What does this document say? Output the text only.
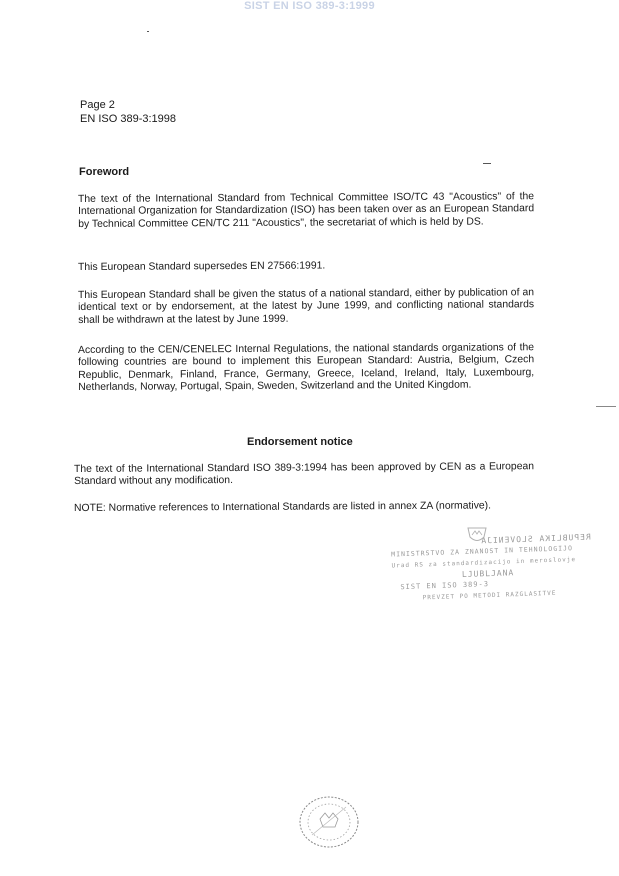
SIST EN ISO 389-3:1999
Page 2
EN ISO 389-3:1998
Foreword
The text of the International Standard from Technical Committee ISO/TC 43 "Acoustics" of the International Organization for Standardization (ISO) has been taken over as an European Standard by Technical Committee CEN/TC 211 "Acoustics", the secretariat of which is held by DS.
This European Standard supersedes EN 27566:1991.
This European Standard shall be given the status of a national standard, either by publication of an identical text or by endorsement, at the latest by June 1999, and conflicting national standards shall be withdrawn at the latest by June 1999.
According to the CEN/CENELEC Internal Regulations, the national standards organizations of the following countries are bound to implement this European Standard: Austria, Belgium, Czech Republic, Denmark, Finland, France, Germany, Greece, Iceland, Ireland, Italy, Luxembourg, Netherlands, Norway, Portugal, Spain, Sweden, Switzerland and the United Kingdom.
Endorsement notice
The text of the International Standard ISO 389-3:1994 has been approved by CEN as a European Standard without any modification.
NOTE: Normative references to International Standards are listed in annex ZA (normative).
REPUBLIKA SLOVENIJA
MINISTRSTVO ZA ZNANOST IN TEHNOLOGIJO
Urad RS za standardizacijo in meroslovje
LJUBLJANA
SIST EN ISO 389-3
PREVZET PO METODI RAZGLASITVE
